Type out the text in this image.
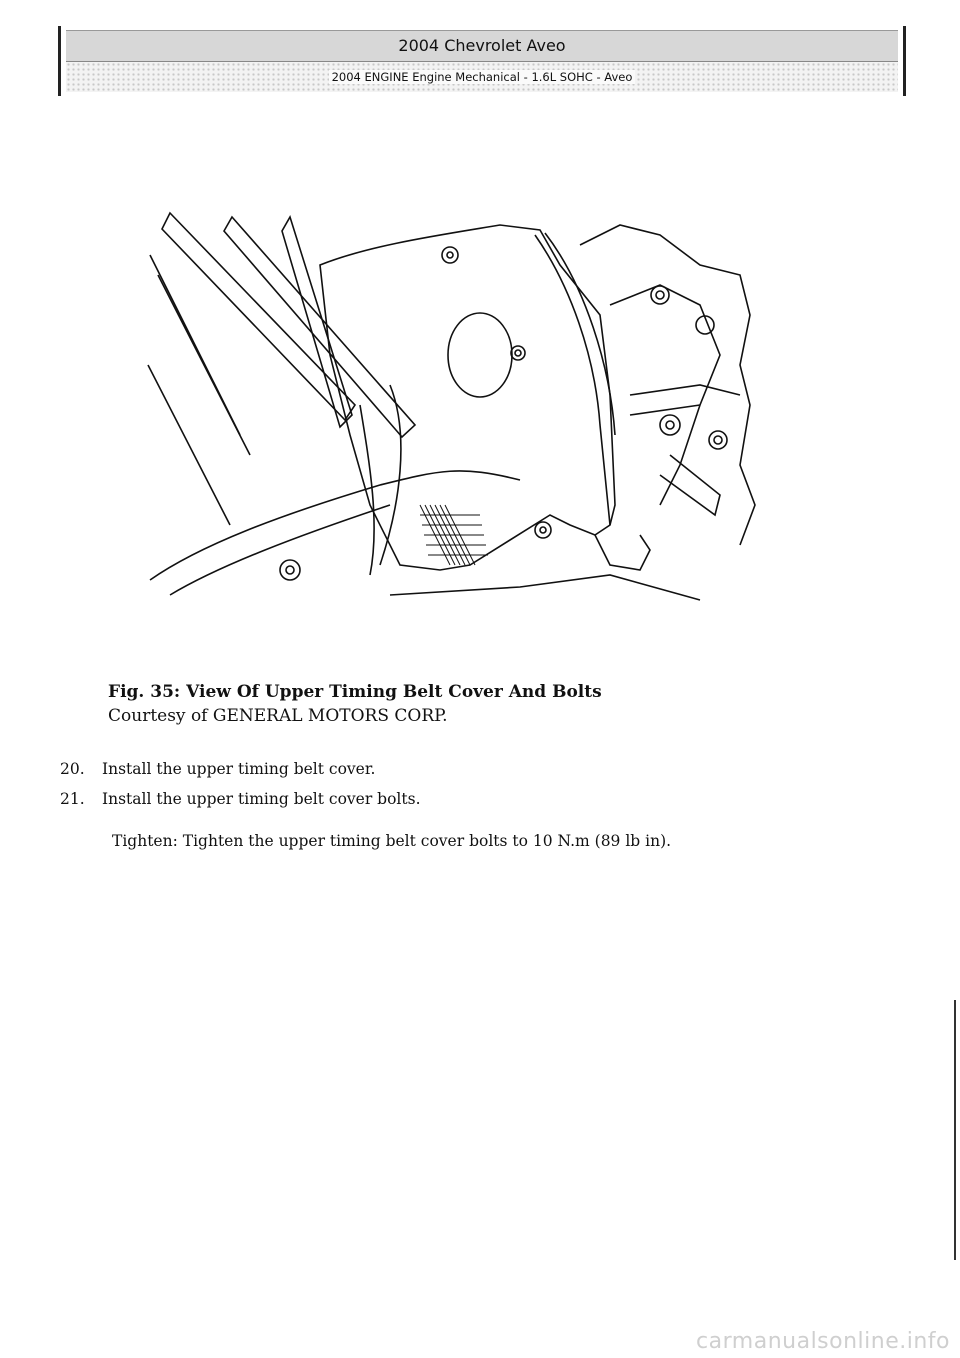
2004 Chevrolet Aveo
2004 ENGINE Engine Mechanical - 1.6L SOHC - Aveo
Fig. 35: View Of Upper Timing Belt Cover And Bolts
Courtesy of GENERAL MOTORS CORP.
20.	Install the upper timing belt cover.
21.	Install the upper timing belt cover bolts.
Tighten: Tighten the upper timing belt cover bolts to 10 N.m (89 lb in).
carmanualsonline.info
